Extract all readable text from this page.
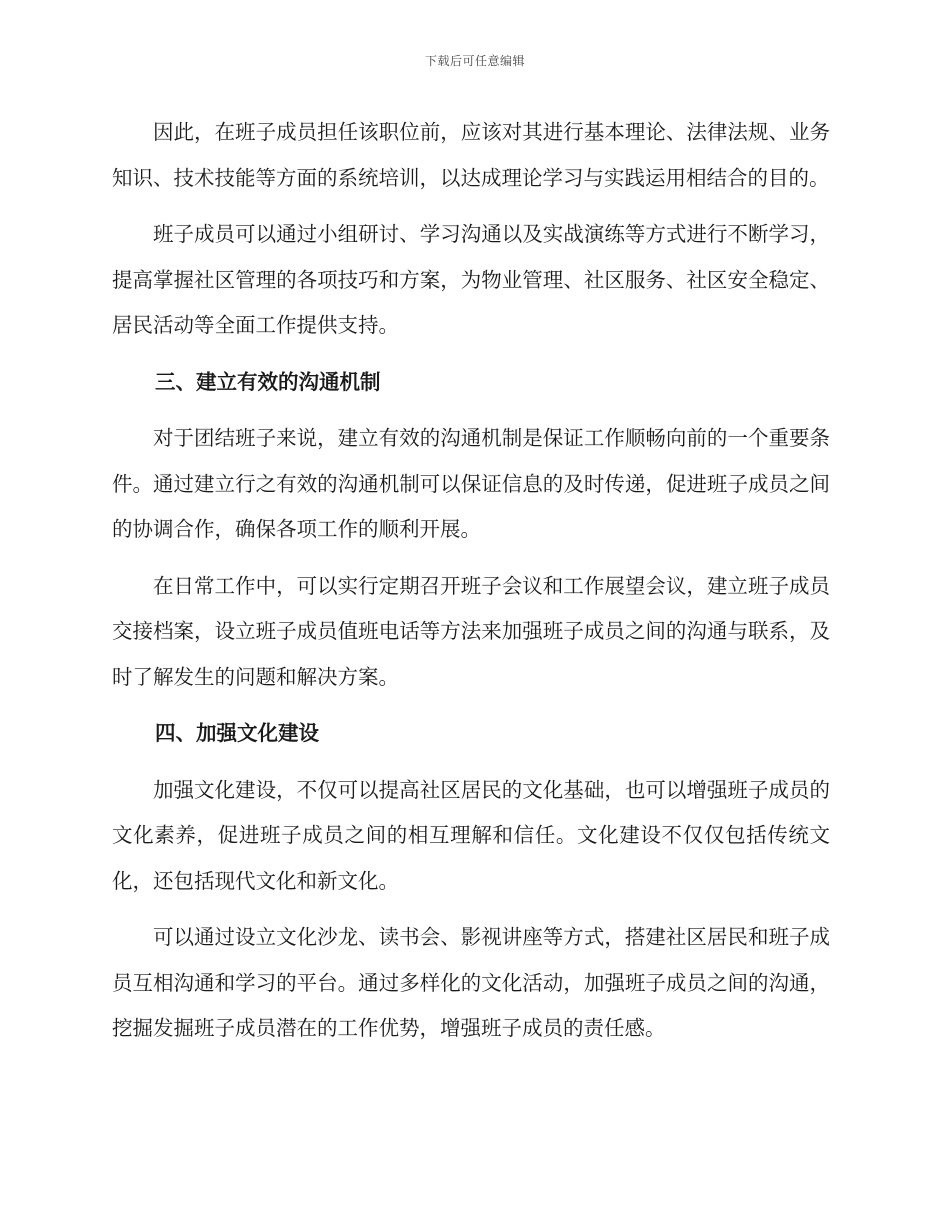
下载后可任意编辑

因此，在班子成员担任该职位前，应该对其进行基本理论、法律法规、业务知识、技术技能等方面的系统培训，以达成理论学习与实践运用相结合的目的。

班子成员可以通过小组研讨、学习沟通以及实战演练等方式进行不断学习，提高掌握社区管理的各项技巧和方案，为物业管理、社区服务、社区安全稳定、居民活动等全面工作提供支持。

三、建立有效的沟通机制

对于团结班子来说，建立有效的沟通机制是保证工作顺畅向前的一个重要条件。通过建立行之有效的沟通机制可以保证信息的及时传递，促进班子成员之间的协调合作，确保各项工作的顺利开展。

在日常工作中，可以实行定期召开班子会议和工作展望会议，建立班子成员交接档案，设立班子成员值班电话等方法来加强班子成员之间的沟通与联系，及时了解发生的问题和解决方案。

四、加强文化建设

加强文化建设，不仅可以提高社区居民的文化基础，也可以增强班子成员的文化素养，促进班子成员之间的相互理解和信任。文化建设不仅仅包括传统文化，还包括现代文化和新文化。

可以通过设立文化沙龙、读书会、影视讲座等方式，搭建社区居民和班子成员互相沟通和学习的平台。通过多样化的文化活动，加强班子成员之间的沟通，挖掘发掘班子成员潜在的工作优势，增强班子成员的责任感。
